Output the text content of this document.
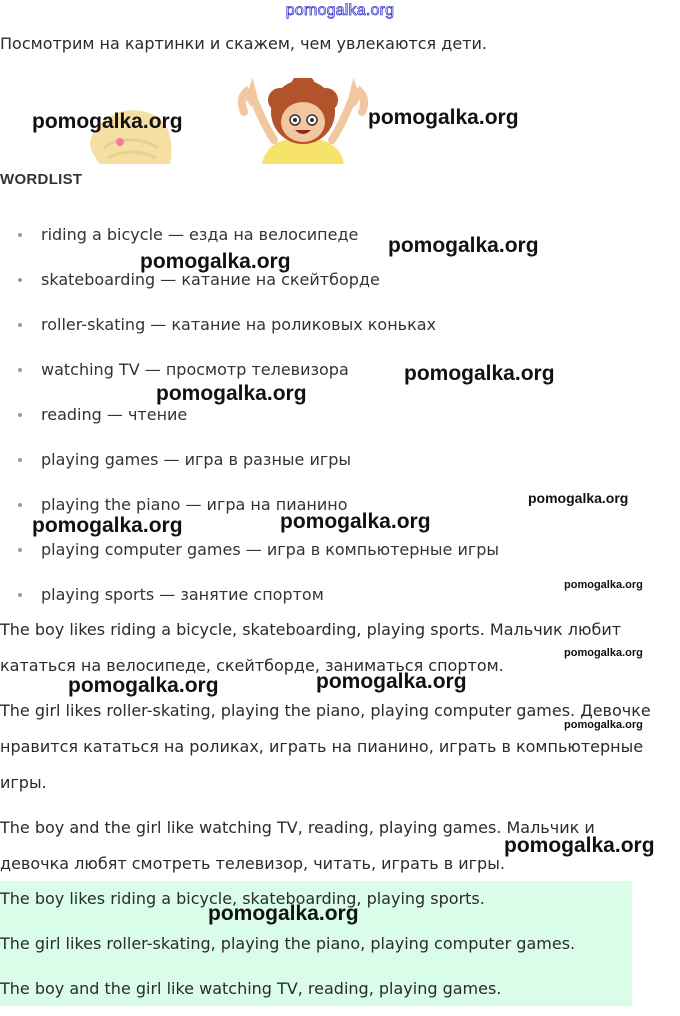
pomogalka.org
Посмотрим на картинки и скажем, чем увлекаются дети.
WORDLIST
riding a bicycle — езда на велосипеде
skateboarding — катание на скейтборде
roller-skating — катание на роликовых коньках
watching TV — просмотр телевизора
reading — чтение
playing games — игра в разные игры
playing the piano — игра на пианино
playing computer games — игра в компьютерные игры
playing sports — занятие спортом

The boy likes riding a bicycle, skateboarding, playing sports. Мальчик любит кататься на велосипеде, скейтборде, заниматься спортом.

The girl likes roller-skating, playing the piano, playing computer games. Девочке нравится кататься на роликах, играть на пианино, играть в компьютерные игры.

The boy and the girl like watching TV, reading, playing games. Мальчик и девочка любят смотреть телевизор, читать, играть в игры.

The boy likes riding a bicycle, skateboarding, playing sports.

The girl likes roller-skating, playing the piano, playing computer games.

The boy and the girl like watching TV, reading, playing games.

pomogalka.org	pomogalka.org
pomogalka.org
pomogalka.org
pomogalka.org
pomogalka.org
pomogalka.org
pomogalka.org	pomogalka.org
pomogalka.org
pomogalka.org
pomogalka.org	pomogalka.org
pomogalka.org
pomogalka.org
pomogalka.org
